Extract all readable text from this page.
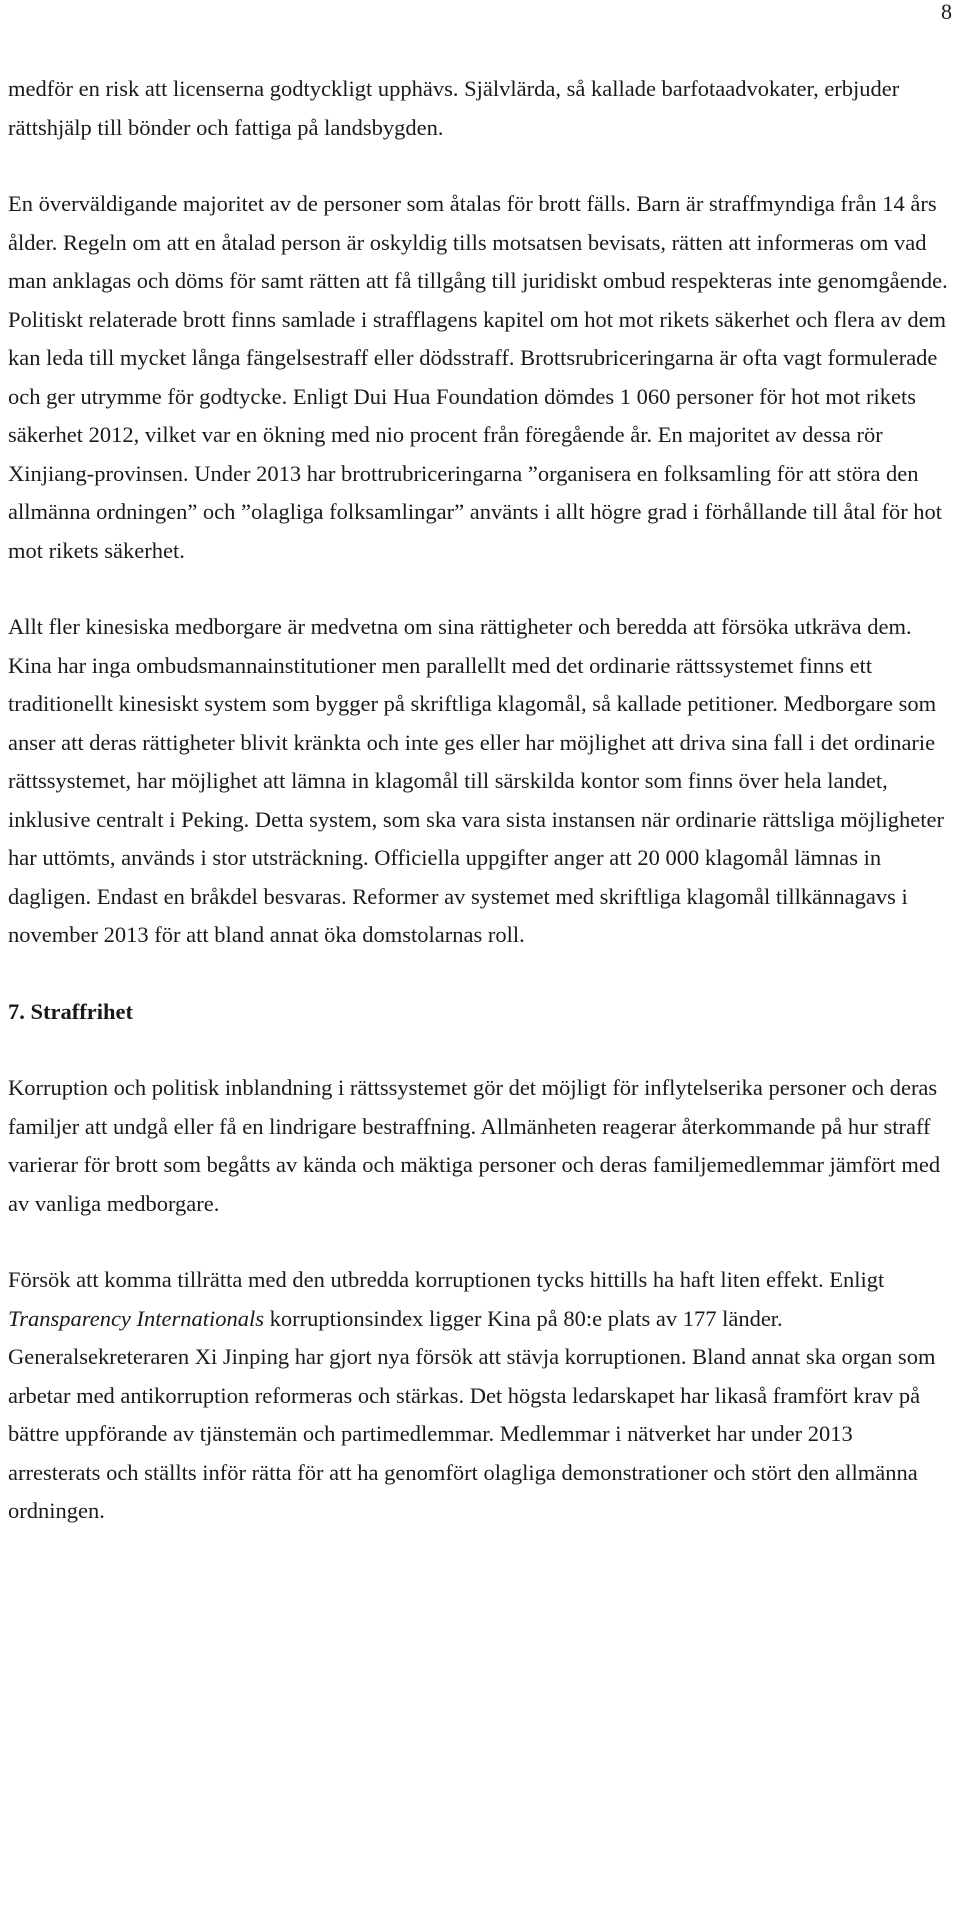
8

medför en risk att licenserna godtyckligt upphävs. Självlärda, så kallade barfotaadvokater, erbjuder rättshjälp till bönder och fattiga på landsbygden.

En överväldigande majoritet av de personer som åtalas för brott fälls. Barn är straffmyndiga från 14 års ålder. Regeln om att en åtalad person är oskyldig tills motsatsen bevisats, rätten att informeras om vad man anklagas och döms för samt rätten att få tillgång till juridiskt ombud respekteras inte genomgående. Politiskt relaterade brott finns samlade i strafflagens kapitel om hot mot rikets säkerhet och flera av dem kan leda till mycket långa fängelsestraff eller dödsstraff. Brottsrubriceringarna är ofta vagt formulerade och ger utrymme för godtycke. Enligt Dui Hua Foundation dömdes 1 060 personer för hot mot rikets säkerhet 2012, vilket var en ökning med nio procent från föregående år. En majoritet av dessa rör Xinjiang-provinsen. Under 2013 har brottrubriceringarna ”organisera en folksamling för att störa den allmänna ordningen” och ”olagliga folksamlingar” använts i allt högre grad i förhållande till åtal för hot mot rikets säkerhet.

Allt fler kinesiska medborgare är medvetna om sina rättigheter och beredda att försöka utkräva dem. Kina har inga ombudsmannainstitutioner men parallellt med det ordinarie rättssystemet finns ett traditionellt kinesiskt system som bygger på skriftliga klagomål, så kallade petitioner. Medborgare som anser att deras rättigheter blivit kränkta och inte ges eller har möjlighet att driva sina fall i det ordinarie rättssystemet, har möjlighet att lämna in klagomål till särskilda kontor som finns över hela landet, inklusive centralt i Peking. Detta system, som ska vara sista instansen när ordinarie rättsliga möjligheter har uttömts, används i stor utsträckning. Officiella uppgifter anger att 20 000 klagomål lämnas in dagligen. Endast en bråkdel besvaras. Reformer av systemet med skriftliga klagomål tillkännagavs i november 2013 för att bland annat öka domstolarnas roll.

7. Straffrihet

Korruption och politisk inblandning i rättssystemet gör det möjligt för inflytelserika personer och deras familjer att undgå eller få en lindrigare bestraffning. Allmänheten reagerar återkommande på hur straff varierar för brott som begåtts av kända och mäktiga personer och deras familjemedlemmar jämfört med av vanliga medborgare.

Försök att komma tillrätta med den utbredda korruptionen tycks hittills ha haft liten effekt. Enligt Transparency Internationals korruptionsindex ligger Kina på 80:e plats av 177 länder. Generalsekreteraren Xi Jinping har gjort nya försök att stävja korruptionen. Bland annat ska organ som arbetar med antikorruption reformeras och stärkas. Det högsta ledarskapet har likaså framfört krav på bättre uppförande av tjänstemän och partimedlemmar. Medlemmar i nätverket har under 2013 arresterats och ställts inför rätta för att ha genomfört olagliga demonstrationer och stört den allmänna ordningen.
